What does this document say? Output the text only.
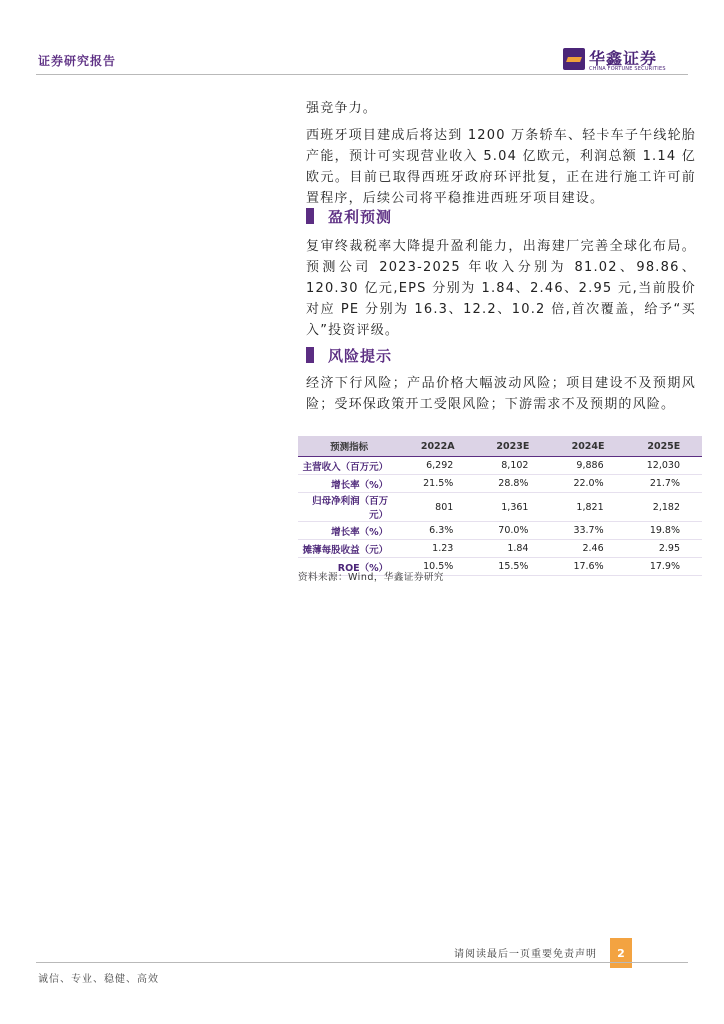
证券研究报告	华鑫证券
CHINA FORTUNE SECURITIES

强竞争力。

西班牙项目建成后将达到 1200 万条轿车、轻卡车子午线轮胎产能，预计可实现营业收入 5.04 亿欧元，利润总额 1.14 亿欧元。目前已取得西班牙政府环评批复，正在进行施工许可前置程序，后续公司将平稳推进西班牙项目建设。

盈利预测

复审终裁税率大降提升盈利能力，出海建厂完善全球化布局。预测公司 2023-2025 年收入分别为 81.02、98.86、120.30 亿元,EPS 分别为 1.84、2.46、2.95 元,当前股价对应 PE 分别为 16.3、12.2、10.2 倍,首次覆盖，给予“买入”投资评级。

风险提示

经济下行风险；产品价格大幅波动风险；项目建设不及预期风险；受环保政策开工受限风险；下游需求不及预期的风险。

预测指标	2022A	2023E	2024E	2025E
主营收入（百万元）	6,292	8,102	9,886	12,030
增长率（%）	21.5%	28.8%	22.0%	21.7%
归母净利润（百万元）	801	1,361	1,821	2,182
增长率（%）	6.3%	70.0%	33.7%	19.8%
摊薄每股收益（元）	1.23	1.84	2.46	2.95
ROE（%）	10.5%	15.5%	17.6%	17.9%
资料来源：Wind，华鑫证券研究
请阅读最后一页重要免责声明	2
诚信、专业、稳健、高效
